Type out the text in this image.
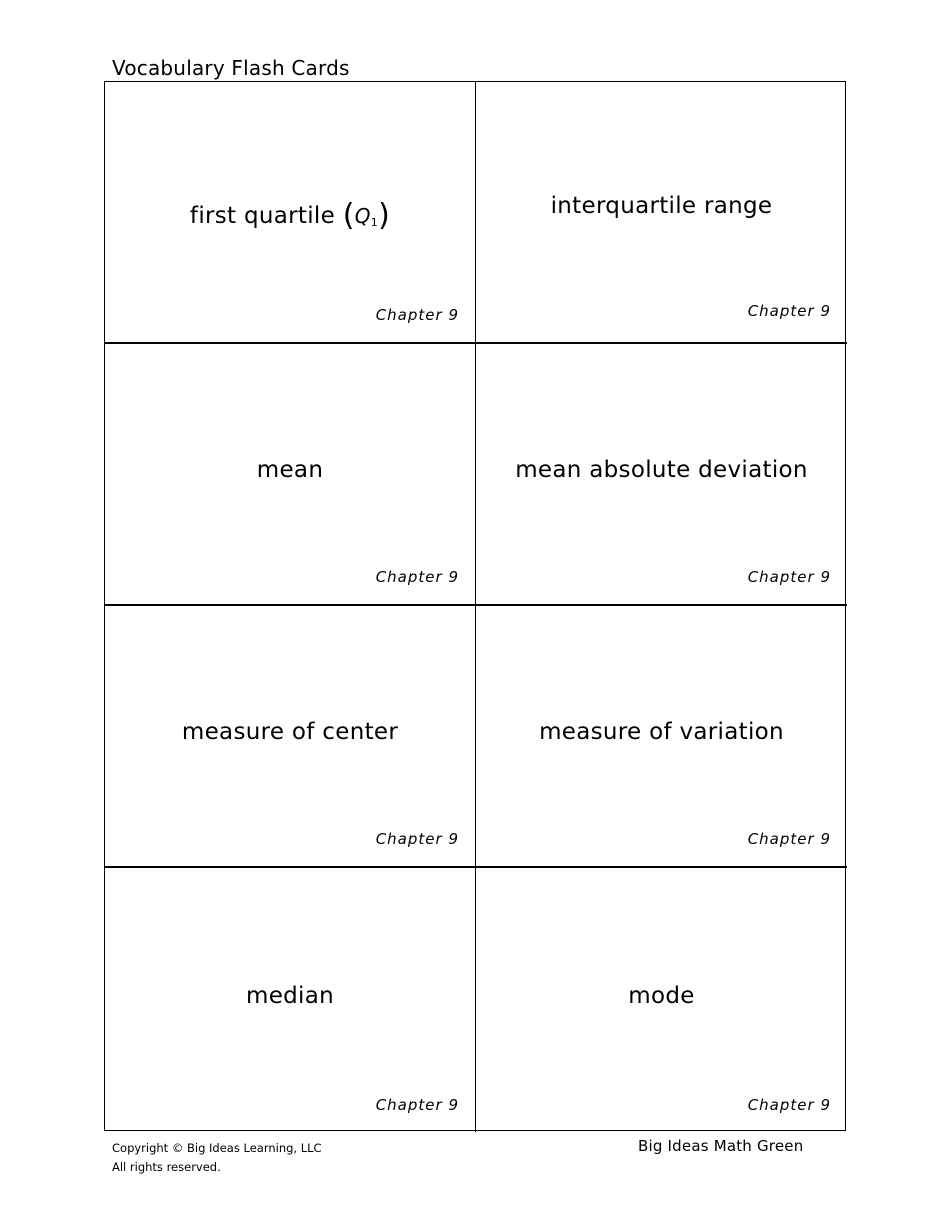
Vocabulary Flash Cards
first quartile $(Q_1)$
Chapter 9
interquartile range
Chapter 9
mean
Chapter 9
mean absolute deviation
Chapter 9
measure of center
Chapter 9
measure of variation
Chapter 9
median
Chapter 9
mode
Chapter 9
Copyright © Big Ideas Learning, LLC
All rights reserved.
Big Ideas Math Green
